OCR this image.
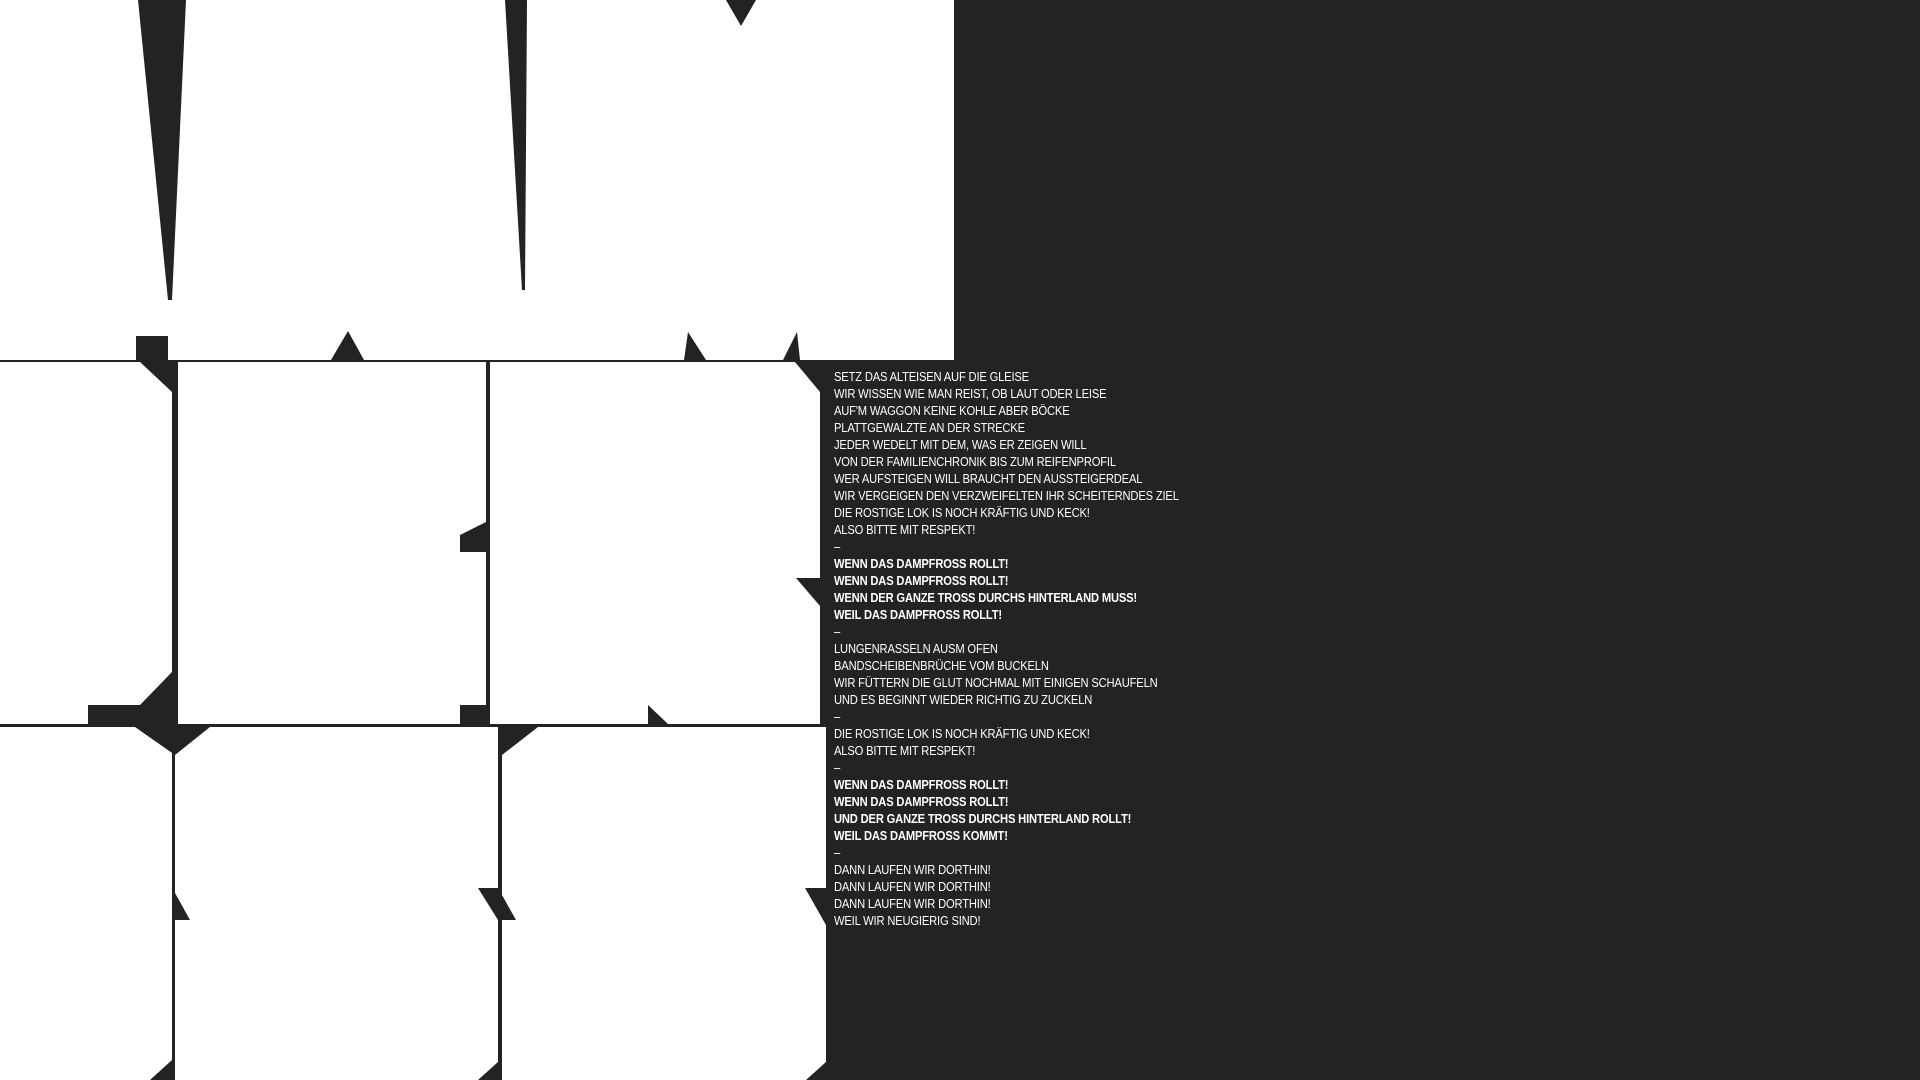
SETZ DAS ALTEISEN AUF DIE GLEISE
WIR WISSEN WIE MAN REIST, OB LAUT ODER LEISE
AUF'M WAGGON KEINE KOHLE ABER BÖCKE
PLATTGEWALZTE AN DER STRECKE
JEDER WEDELT MIT DEM, WAS ER ZEIGEN WILL
VON DER FAMILIENCHRONIK BIS ZUM REIFENPROFIL
WER AUFSTEIGEN WILL BRAUCHT DEN AUSSTEIGERDEAL
WIR VERGEIGEN DEN VERZWEIFELTEN IHR SCHEITERNDES ZIEL
DIE ROSTIGE LOK IS NOCH KRÄFTIG UND KECK!
ALSO BITTE MIT RESPEKT!
–
WENN DAS DAMPFROSS ROLLT!
WENN DAS DAMPFROSS ROLLT!
WENN DER GANZE TROSS DURCHS HINTERLAND MUSS!
WEIL DAS DAMPFROSS ROLLT!
–
LUNGENRASSELN AUSM OFEN
BANDSCHEIBENBRÜCHE VOM BUCKELN
WIR FÜTTERN DIE GLUT NOCHMAL MIT EINIGEN SCHAUFELN
UND ES BEGINNT WIEDER RICHTIG ZU ZUCKELN
–
DIE ROSTIGE LOK IS NOCH KRÄFTIG UND KECK!
ALSO BITTE MIT RESPEKT!
–
WENN DAS DAMPFROSS ROLLT!
WENN DAS DAMPFROSS ROLLT!
UND DER GANZE TROSS DURCHS HINTERLAND ROLLT!
WEIL DAS DAMPFROSS KOMMT!
–
DANN LAUFEN WIR DORTHIN!
DANN LAUFEN WIR DORTHIN!
DANN LAUFEN WIR DORTHIN!
WEIL WIR NEUGIERIG SIND!
